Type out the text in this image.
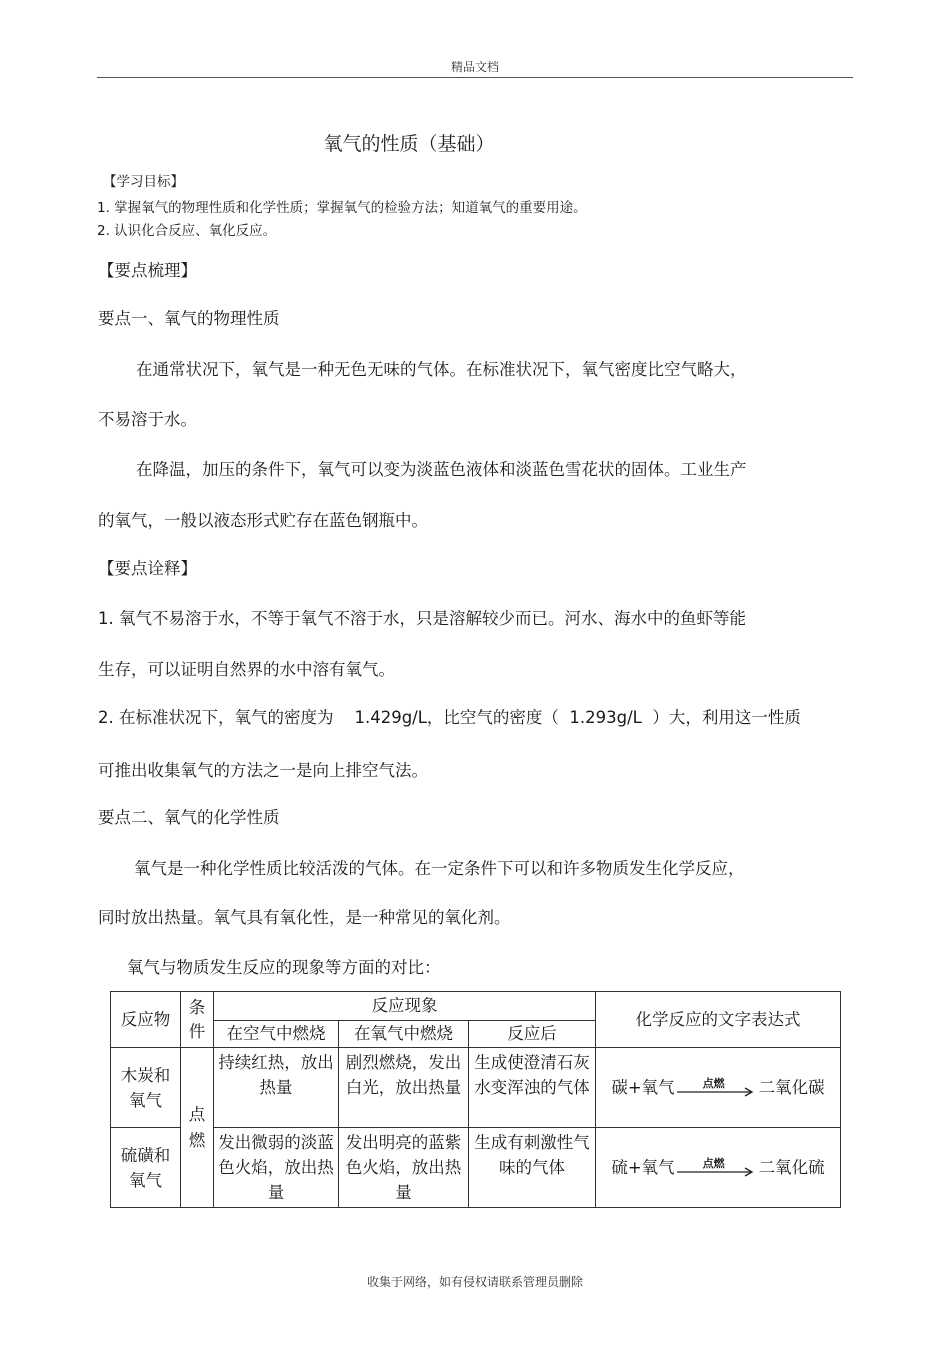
精品文档
氧气的性质（基础）
【学习目标】
1. 掌握氧气的物理性质和化学性质；掌握氧气的检验方法；知道氧气的重要用途。
2. 认识化合反应、氧化反应。
【要点梳理】
要点一、氧气的物理性质
在通常状况下，氧气是一种无色无味的气体。在标准状况下，氧气密度比空气略大，
不易溶于水。
在降温，加压的条件下，氧气可以变为淡蓝色液体和淡蓝色雪花状的固体。工业生产
的氧气，一般以液态形式贮存在蓝色钢瓶中。
【要点诠释】
1. 氧气不易溶于水，不等于氧气不溶于水，只是溶解较少而已。河水、海水中的鱼虾等能
生存，可以证明自然界的水中溶有氧气。
2. 在标准状况下，氧气的密度为    1.429g/L，比空气的密度（  1.293g/L  ）大，利用这一性质
可推出收集氧气的方法之一是向上排空气法。
要点二、氧气的化学性质
氧气是一种化学性质比较活泼的气体。在一定条件下可以和许多物质发生化学反应，
同时放出热量。氧气具有氧化性，是一种常见的氧化剂。
氧气与物质发生反应的现象等方面的对比：
反应物	条件	反应现象			化学反应的文字表达式
		在空气中燃烧	在氧气中燃烧	反应后	
木炭和氧气	点燃	持续红热，放出热量	剧烈燃烧，发出白光，放出热量	生成使澄清石灰水变浑浊的气体	碳+氧气 点燃 二氧化碳

硫磺和氧气		发出微弱的淡蓝色火焰，放出热量	发出明亮的蓝紫色火焰，放出热量	生成有刺激性气味的气体	硫+氧气 点燃 二氧化硫
收集于网络，如有侵权请联系管理员删除
